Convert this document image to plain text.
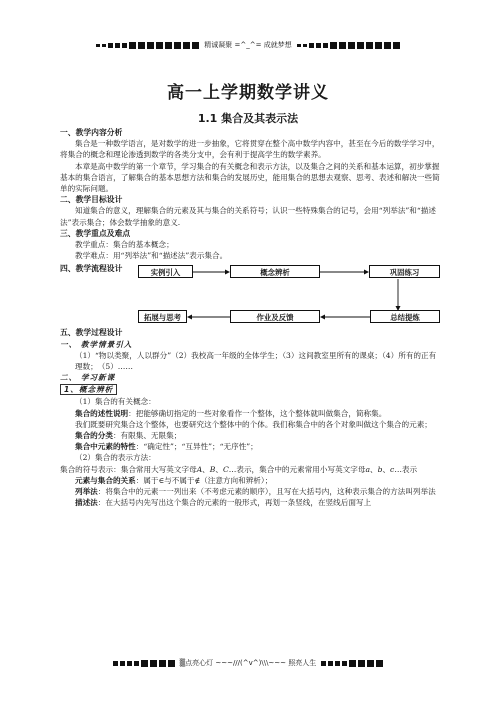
精诚凝聚 =^_^= 成就梦想
高一上学期数学讲义
1.1 集合及其表示法
一、教学内容分析
集合是一种数学语言，是对数学的进一步抽象，它将贯穿在整个高中数学内容中，甚至在今后的数学学习中，将集合的概念和理论渗透到数学的各类分支中，会有利于提高学生的数学素养。
本章是高中数学的第一个章节，学习集合的有关概念和表示方法，以及集合之间的关系和基本运算，初步掌握基本的集合语言，了解集合的基本思想方法和集合的发展历史，能用集合的思想去观察、思考、表述和解决一些简单的实际问题。
二、教学目标设计
知道集合的意义，理解集合的元素及其与集合的关系符号；认识一些特殊集合的记号，会用“列举法”和“描述法”表示集合；体会数学抽象的意义.
三、教学重点及难点
教学重点：集合的基本概念；
教学难点：用“列举法”和“描述法”表示集合。
四、教学流程设计	实例引入	概念辨析	巩固练习
拓展与思考	作业及反馈	总结提炼
五、教学过程设计
一、 教学情景引入
（1）“物以类聚，人以群分”（2）我校高一年级的全体学生；（3）这间教室里所有的课桌；（4）所有的正有理数；　（5）……
二、 学习新课
1、概念辨析
（1）集合的有关概念：
集合的述性说明：把能够确切指定的一些对象看作一个整体，这个整体就叫做集合，简称集。
我们既要研究集合这个整体，也要研究这个整体中的个体。我们称集合中的各个对象叫做这个集合的元素；
集合的分类：有限集、无限集；
集合中元素的特性：“确定性”；“互异性”；“无序性”；
（2）集合的表示方法：
集合的符号表示：集合常用大写英文字母A、B、C…表示，集合中的元素常用小写英文字母a、b、c…表示
元素与集合的关系：属于∈与不属于∉（注意方向和辨析）；
列举法：将集合中的元素一一列出来（不考虑元素的顺序），且写在大括号内，这种表示集合的方法叫列举法
描述法：在大括号内先写出这个集合的元素的一般形式，再划一条竖线，在竖线后面写上
▒点亮心灯 ~~~///(^v^)\\\~~~ 照亮人生
